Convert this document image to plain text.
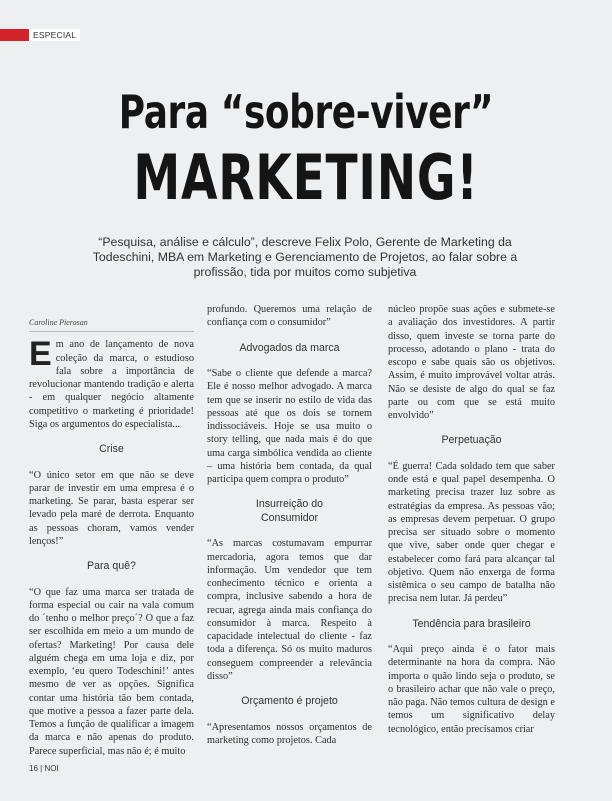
ESPECIAL
Para “sobre-viver”
MARKETING!
“Pesquisa, análise e cálculo”, descreve Felix Polo, Gerente de Marketing da Todeschini, MBA em Marketing e Gerenciamento de Projetos, ao falar sobre a profissão, tida por muitos como subjetiva
Caroline Pierosan
Em ano de lançamento de nova coleção da marca, o estudioso fala sobre a importância de revolucionar mantendo tradição e alerta - em qualquer negócio altamente competitivo o marketing é prioridade! Siga os argumentos do especialista...
Crise
“O único setor em que não se deve parar de investir em uma empresa é o marketing. Se parar, basta esperar ser levado pela maré de derrota. Enquanto as pessoas choram, vamos vender lenços!”
Para quê?
“O que faz uma marca ser tratada de forma especial ou cair na vala comum do ´tenho o melhor preço´? O que a faz ser escolhida em meio a um mundo de ofertas? Marketing! Por causa dele alguém chega em uma loja e diz, por exemplo, ‘eu quero Todeschini!’ antes mesmo de ver as opções. Significa contar uma história tão bem contada, que motive a pessoa a fazer parte dela. Temos a função de qualificar a imagem da marca e não apenas do produto. Parece superficial, mas não é; é muito
profundo. Queremos uma relação de confiança com o consumidor”
Advogados da marca
“Sabe o cliente que defende a marca? Ele é nosso melhor advogado. A marca tem que se inserir no estilo de vida das pessoas até que os dois se tornem indissociáveis. Hoje se usa muito o story telling, que nada mais é do que uma carga simbólica vendida ao cliente – uma história bem contada, da qual participa quem compra o produto”
Insurreição do Consumidor
“As marcas costumavam empurrar mercadoria, agora temos que dar informação. Um vendedor que tem conhecimento técnico e orienta a compra, inclusive sabendo a hora de recuar, agrega ainda mais confiança do consumidor à marca. Respeito à capacidade intelectual do cliente - faz toda a diferença. Só os muito maduros conseguem compreender a relevância disso”
Orçamento é projeto
“Apresentamos nossos orçamentos de marketing como projetos. Cada
núcleo propõe suas ações e submete-se a avaliação dos investidores. A partir disso, quem investe se torna parte do processo, adotando o plano - trata do escopo e sabe quais são os objetivos. Assim, é muito improvável voltar atrás. Não se desiste de algo do qual se faz parte ou com que se está muito envolvido”
Perpetuação
“É guerra! Cada soldado tem que saber onde está e qual papel desempenha. O marketing precisa trazer luz sobre as estratégias da empresa. As pessoas vão; as empresas devem perpetuar. O grupo precisa ser situado sobre o momento que vive, saber onde quer chegar e estabelecer como fará para alcançar tal objetivo. Quem não enxerga de forma sistêmica o seu campo de batalha não precisa nem lutar. Já perdeu”
Tendência para brasileiro
“Aqui preço ainda é o fator mais determinante na hora da compra. Não importa o quão lindo seja o produto, se o brasileiro achar que não vale o preço, não paga. Não temos cultura de design e temos um significativo delay tecnológico, então precisamos criar
16 | NOI
